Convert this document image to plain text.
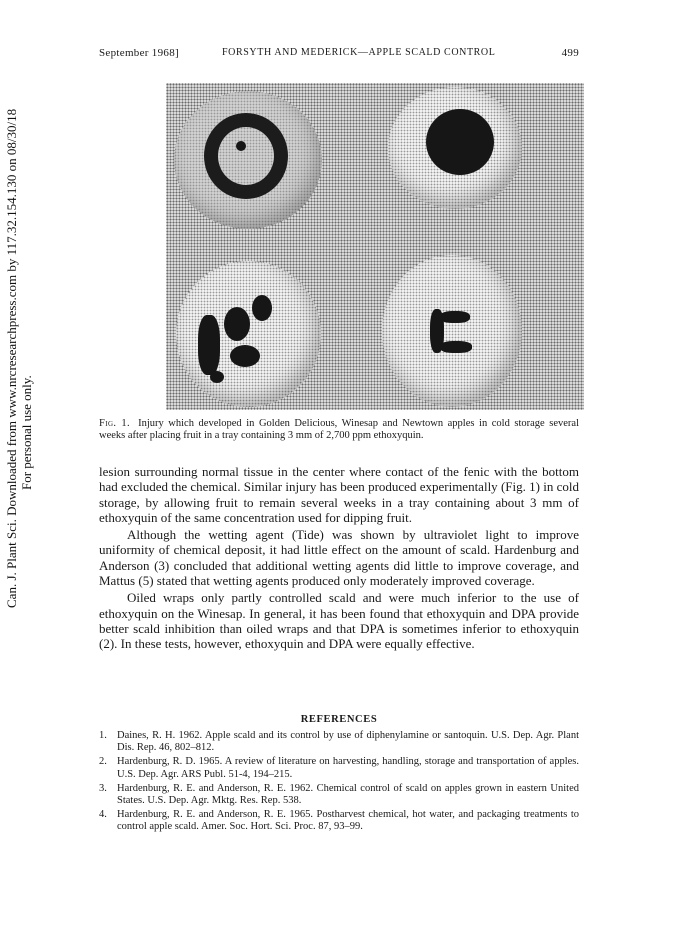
Can. J. Plant Sci. Downloaded from www.nrcresearchpress.com by 117.32.154.130 on 08/30/18 For personal use only.
September 1968]	FORSYTH AND MEDERICK—APPLE SCALD CONTROL	499
Fig. 1. Injury which developed in Golden Delicious, Winesap and Newtown apples in cold storage several weeks after placing fruit in a tray containing 3 mm of 2,700 ppm ethoxyquin.

lesion surrounding normal tissue in the center where contact of the fenic with the bottom had excluded the chemical. Similar injury has been produced experimentally (Fig. 1) in cold storage, by allowing fruit to remain several weeks in a tray containing about 3 mm of ethoxyquin of the same concentration used for dipping fruit.

Although the wetting agent (Tide) was shown by ultraviolet light to improve uniformity of chemical deposit, it had little effect on the amount of scald. Hardenburg and Anderson (3) concluded that additional wetting agents did little to improve coverage, and Mattus (5) stated that wetting agents produced only moderately improved coverage.

Oiled wraps only partly controlled scald and were much inferior to the use of ethoxyquin on the Winesap. In general, it has been found that ethoxyquin and DPA provide better scald inhibition than oiled wraps and that DPA is sometimes inferior to ethoxyquin (2). In these tests, however, ethoxyquin and DPA were equally effective.

REFERENCES
1. Daines, R. H. 1962. Apple scald and its control by use of diphenylamine or santoquin. U.S. Dep. Agr. Plant Dis. Rep. 46, 802–812.
2. Hardenburg, R. D. 1965. A review of literature on harvesting, handling, storage and transportation of apples. U.S. Dep. Agr. ARS Publ. 51-4, 194–215.
3. Hardenburg, R. E. and Anderson, R. E. 1962. Chemical control of scald on apples grown in eastern United States. U.S. Dep. Agr. Mktg. Res. Rep. 538.
4. Hardenburg, R. E. and Anderson, R. E. 1965. Postharvest chemical, hot water, and packaging treatments to control apple scald. Amer. Soc. Hort. Sci. Proc. 87, 93–99.
